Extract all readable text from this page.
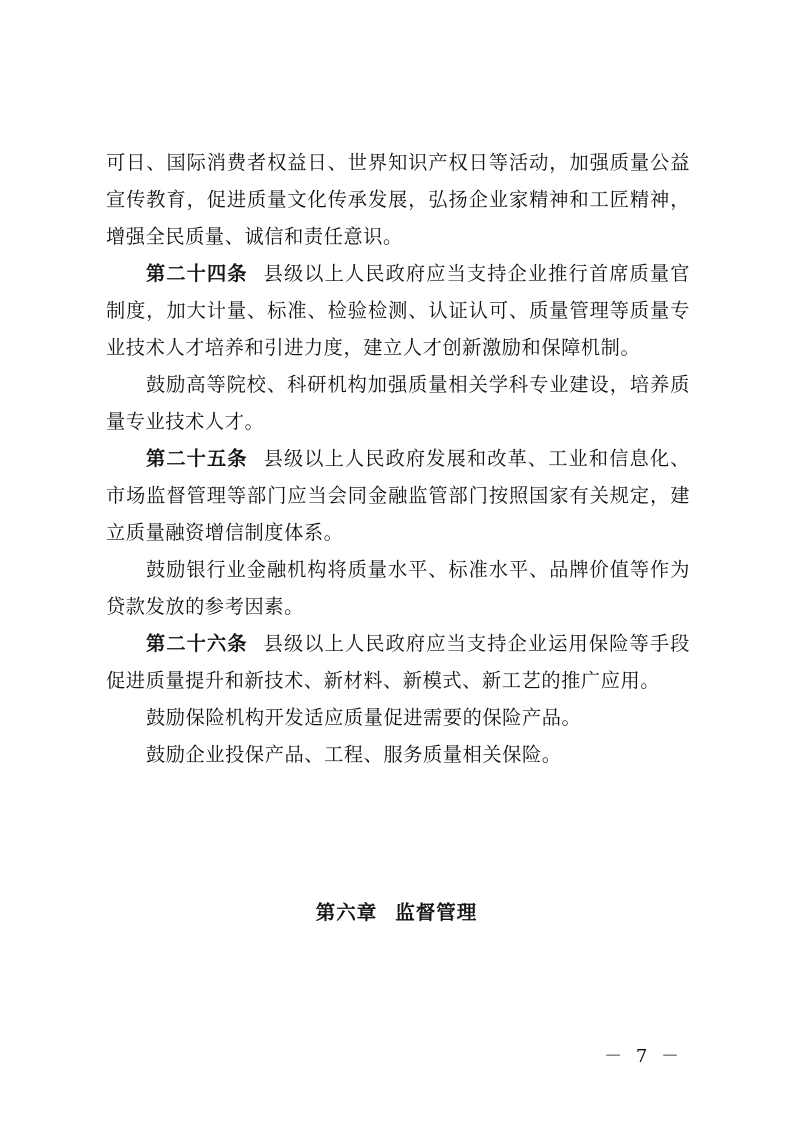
可日、国际消费者权益日、世界知识产权日等活动，加强质量公益宣传教育，促进质量文化传承发展，弘扬企业家精神和工匠精神，增强全民质量、诚信和责任意识。

第二十四条 县级以上人民政府应当支持企业推行首席质量官制度，加大计量、标准、检验检测、认证认可、质量管理等质量专业技术人才培养和引进力度，建立人才创新激励和保障机制。

鼓励高等院校、科研机构加强质量相关学科专业建设，培养质量专业技术人才。

第二十五条 县级以上人民政府发展和改革、工业和信息化、市场监督管理等部门应当会同金融监管部门按照国家有关规定，建立质量融资增信制度体系。

鼓励银行业金融机构将质量水平、标准水平、品牌价值等作为贷款发放的参考因素。

第二十六条 县级以上人民政府应当支持企业运用保险等手段促进质量提升和新技术、新材料、新模式、新工艺的推广应用。

鼓励保险机构开发适应质量促进需要的保险产品。

鼓励企业投保产品、工程、服务质量相关保险。

第六章 监督管理
－ 7 －
